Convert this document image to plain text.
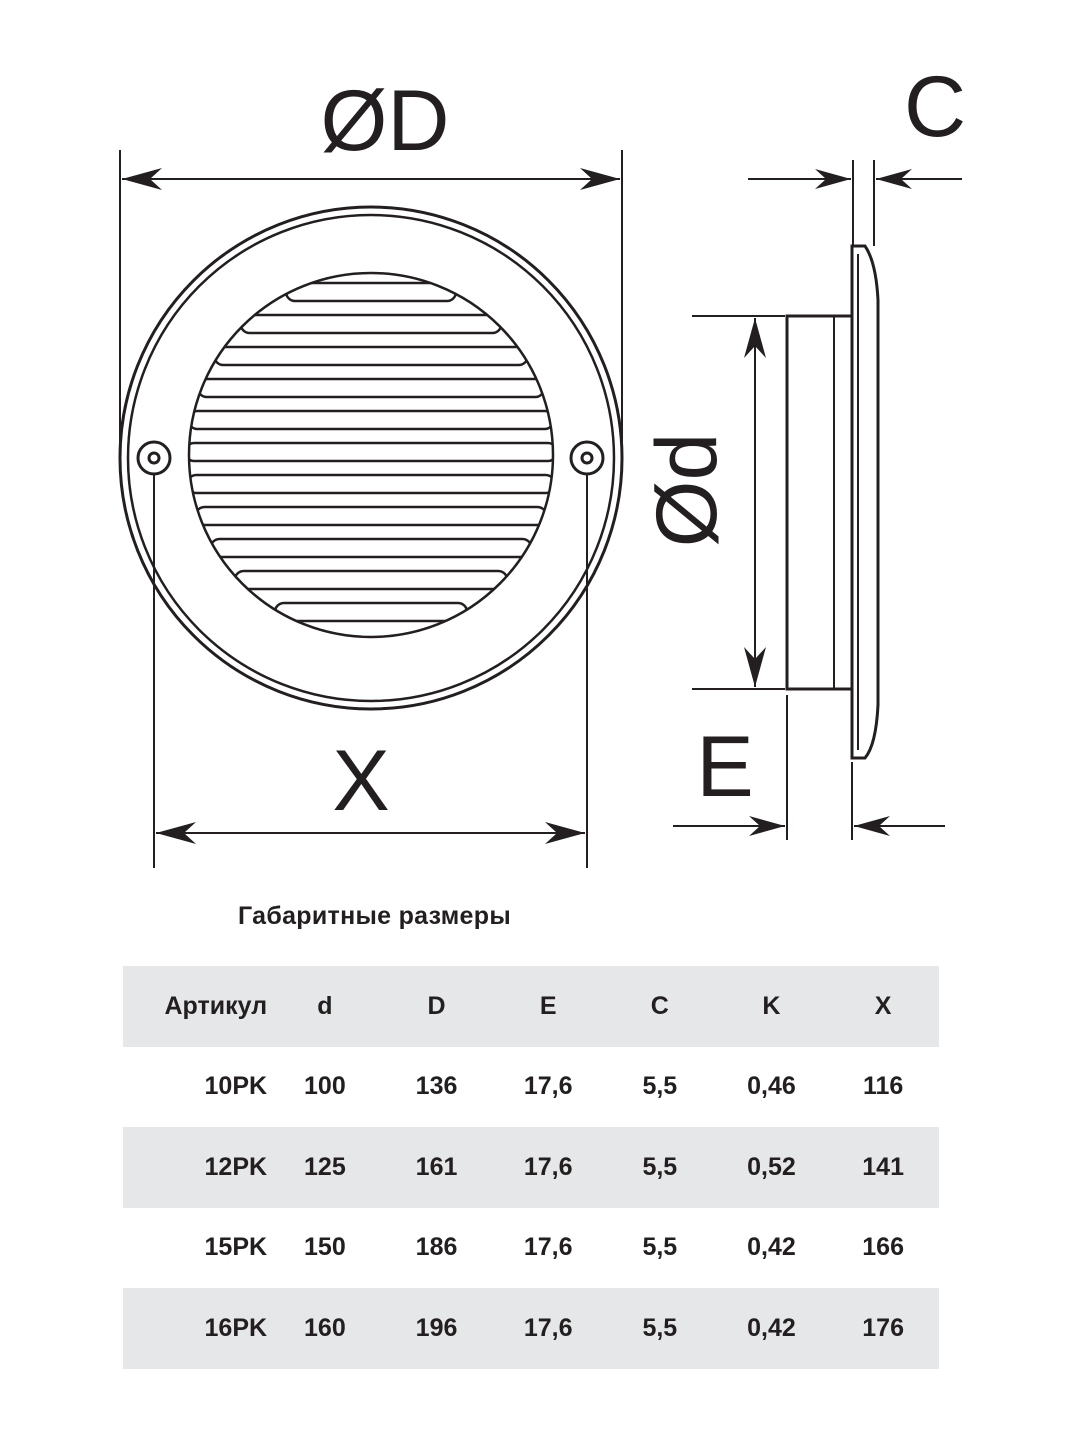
ØD
X
C
Ød
E
Габаритные размеры
Артикул	d	D	E	C	K	X
10PK	100	136	17,6	5,5	0,46	116
12PK	125	161	17,6	5,5	0,52	141
15PK	150	186	17,6	5,5	0,42	166
16PK	160	196	17,6	5,5	0,42	176
